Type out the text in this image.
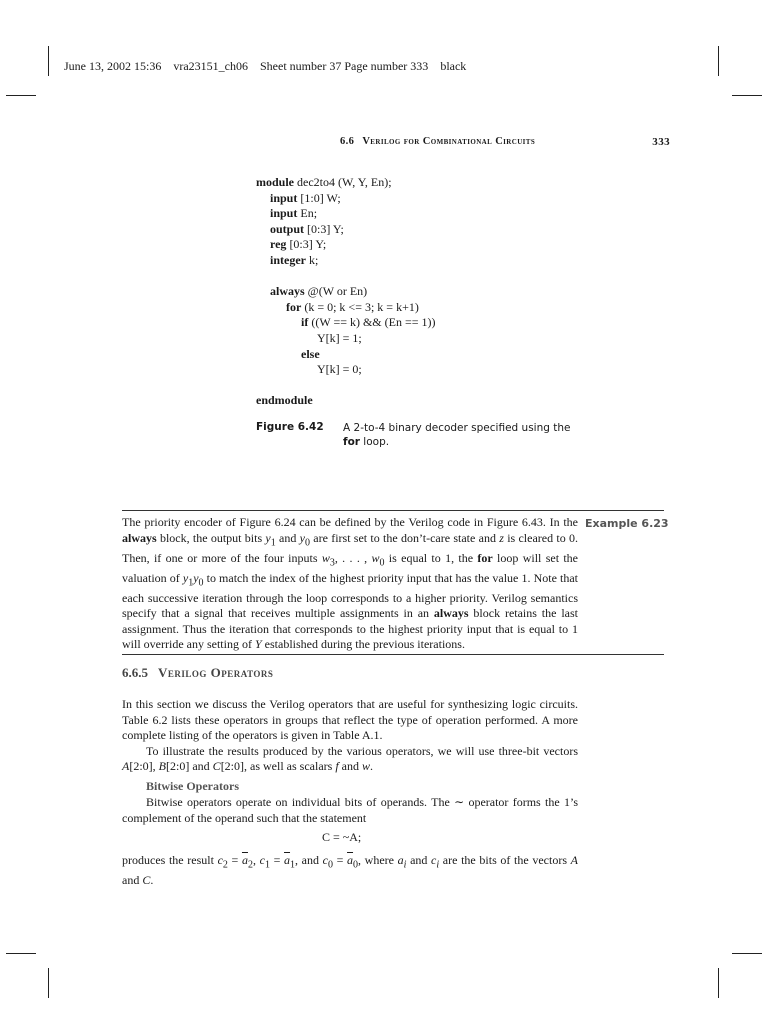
June 13, 2002 15:36 vra23151_ch06 Sheet number 37 Page number 333 black
6.6 Verilog for Combinational Circuits	333
module dec2to4 (W, Y, En);
input [1:0] W;
input En;
output [0:3] Y;
reg [0:3] Y;
integer k;
always @(W or En)
for (k = 0; k <= 3; k = k+1)
if ((W == k) && (En == 1))
Y[k] = 1;
else
Y[k] = 0;
endmodule
Figure 6.42 A 2-to-4 binary decoder specified using the for loop.
Example 6.23
The priority encoder of Figure 6.24 can be defined by the Verilog code in Figure 6.43. In the always block, the output bits $y_1$ and $y_0$ are first set to the don’t-care state and z is cleared to 0. Then, if one or more of the four inputs $w_3$, . . . , $w_0$ is equal to 1, the for loop will set the valuation of $y_1y_0$ to match the index of the highest priority input that has the value 1. Note that each successive iteration through the loop corresponds to a higher priority. Verilog semantics specify that a signal that receives multiple assignments in an always block retains the last assignment. Thus the iteration that corresponds to the highest priority input that is equal to 1 will override any setting of Y established during the previous iterations.
6.6.5 Verilog Operators
In this section we discuss the Verilog operators that are useful for synthesizing logic circuits. Table 6.2 lists these operators in groups that reflect the type of operation performed. A more complete listing of the operators is given in Table A.1.
To illustrate the results produced by the various operators, we will use three-bit vectors A[2:0], B[2:0] and C[2:0], as well as scalars f and w.
Bitwise Operators
Bitwise operators operate on individual bits of operands. The ∼ operator forms the 1’s complement of the operand such that the statement
C = ~A;
produces the result $c_2 = \overline{a}_2$, $c_1 = \overline{a}_1$, and $c_0 = \overline{a}_0$, where $a_i$ and $c_i$ are the bits of the vectors A and C.
